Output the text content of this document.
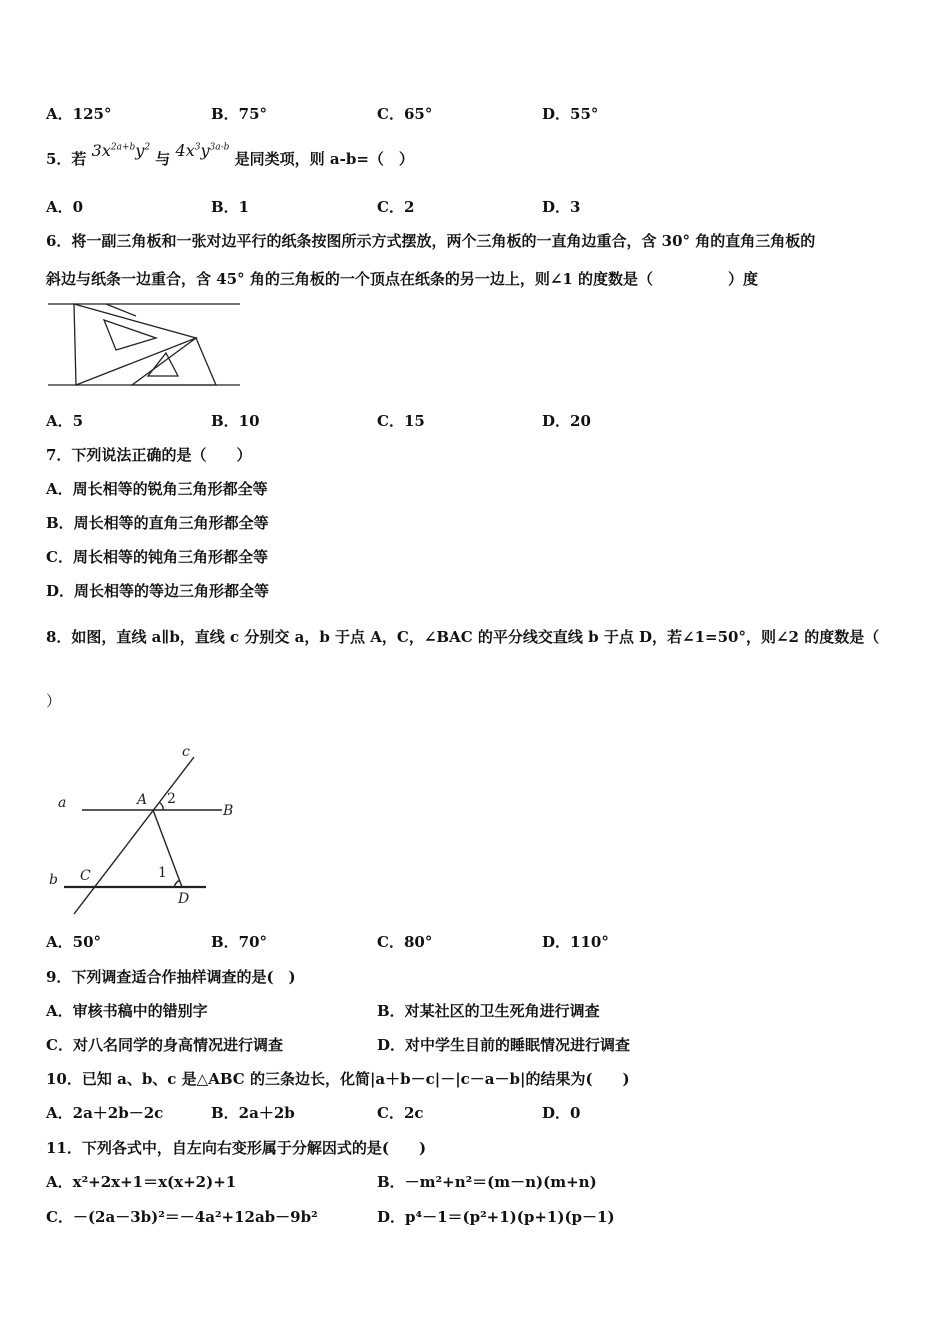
A．125°	B．75°	C．65°	D．55°
5．若 $3x^{2a+b}y^2$ 与 $4x^3y^{3a-b}$ 是同类项，则 a-b=（　）
A．0	B．1	C．2	D．3
6．将一副三角板和一张对边平行的纸条按图所示方式摆放，两个三角板的一直角边重合，含 30° 角的直角三角板的
斜边与纸条一边重合，含 45° 角的三角板的一个顶点在纸条的另一边上，则∠1 的度数是（　　　　　）度
A．5	B．10	C．15	D．20
7．下列说法正确的是（　　）
A．周长相等的锐角三角形都全等
B．周长相等的直角三角形都全等
C．周长相等的钝角三角形都全等
D．周长相等的等边三角形都全等
8．如图，直线 a∥b，直线 c 分别交 a，b 于点 A，C，∠BAC 的平分线交直线 b 于点 D，若∠1=50°，则∠2 的度数是（
）
c
a	A 2
B
b C	1
D
A．50°	B．70°	C．80°	D．110°
9．下列调查适合作抽样调查的是(　)
A．审核书稿中的错别字	B．对某社区的卫生死角进行调查
C．对八名同学的身高情况进行调查	D．对中学生目前的睡眠情况进行调查
10．已知 a、b、c 是△ABC 的三条边长，化简|a＋b－c|－|c－a－b|的结果为(　　)
A．2a＋2b－2c	B．2a＋2b	C．2c	D．0
11．下列各式中，自左向右变形属于分解因式的是(　　)
A．x²+2x+1＝x(x+2)+1	B．－m²+n²＝(m－n)(m+n)
C．－(2a－3b)²＝－4a²+12ab－9b²	D．p⁴－1＝(p²+1)(p+1)(p－1)
